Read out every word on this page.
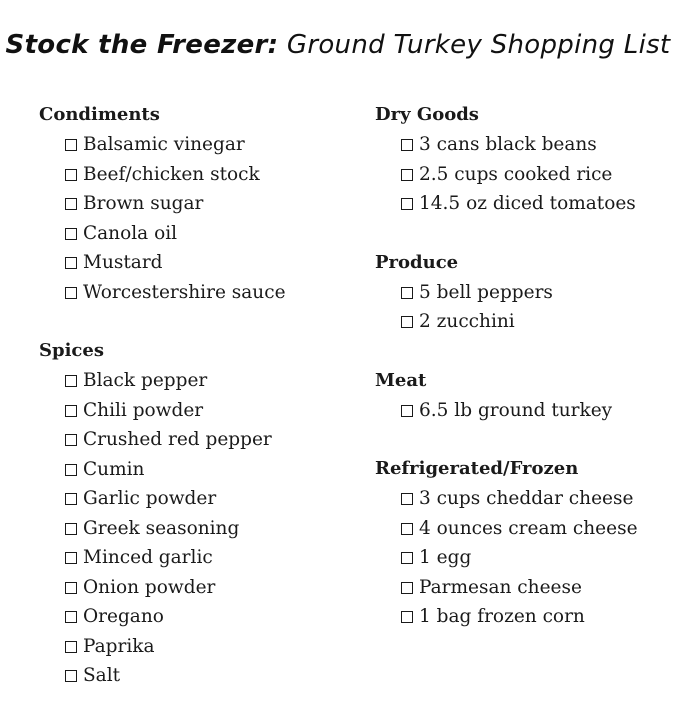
Stock the Freezer: Ground Turkey Shopping List
Condiments
Balsamic vinegar
Beef/chicken stock
Brown sugar
Canola oil
Mustard
Worcestershire sauce
Spices
Black pepper
Chili powder
Crushed red pepper
Cumin
Garlic powder
Greek seasoning
Minced garlic
Onion powder
Oregano
Paprika
Salt
Dry Goods
3 cans black beans
2.5 cups cooked rice
14.5 oz diced tomatoes
Produce
5 bell peppers
2 zucchini
Meat
6.5 lb ground turkey
Refrigerated/Frozen
3 cups cheddar cheese
4 ounces cream cheese
1 egg
Parmesan cheese
1 bag frozen corn
